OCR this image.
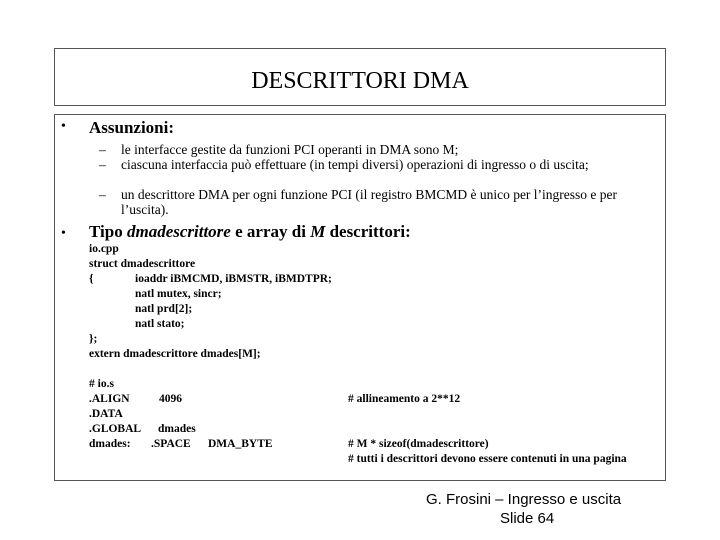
DESCRITTORI DMA
• Assunzioni:
– le interfacce gestite da funzioni PCI operanti in DMA sono M;
– ciascuna interfaccia può effettuare (in tempi diversi) operazioni di ingresso o di uscita;
– un descrittore DMA per ogni funzione PCI (il registro BMCMD è unico per l’ingresso e per l’uscita).
• Tipo dmadescrittore e array di M descrittori:
io.cpp
struct dmadescrittore
{	ioaddr iBMCMD, iBMSTR, iBMDTPR;
natl mutex, sincr;
natl prd[2];
natl stato;
};
extern dmadescrittore dmades[M];
# io.s
.ALIGN	4096	# allineamento a 2**12
.DATA
.GLOBAL dmades
dmades: .SPACE DMA_BYTE	# M * sizeof(dmadescrittore)
# tutti i descrittori devono essere contenuti in una pagina
G. Frosini – Ingresso e uscita
Slide 64
